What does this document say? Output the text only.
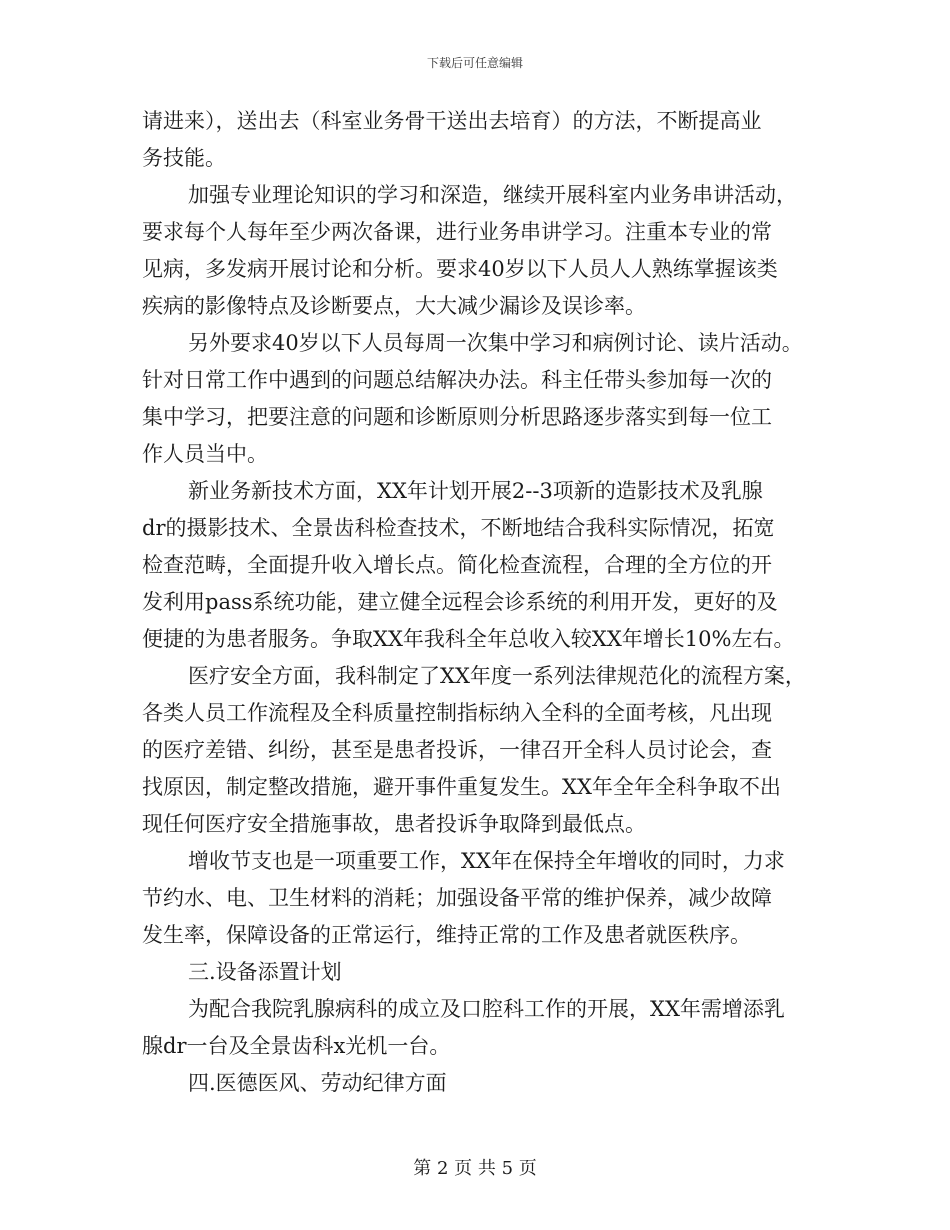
下载后可任意编辑
请进来），送出去（科室业务骨干送出去培育）的方法，不断提高业
务技能。
加强专业理论知识的学习和深造，继续开展科室内业务串讲活动，
要求每个人每年至少两次备课，进行业务串讲学习。注重本专业的常
见病，多发病开展讨论和分析。要求40岁以下人员人人熟练掌握该类
疾病的影像特点及诊断要点，大大减少漏诊及误诊率。
另外要求40岁以下人员每周一次集中学习和病例讨论、读片活动。
针对日常工作中遇到的问题总结解决办法。科主任带头参加每一次的
集中学习，把要注意的问题和诊断原则分析思路逐步落实到每一位工
作人员当中。
新业务新技术方面，XX年计划开展2--3项新的造影技术及乳腺
dr的摄影技术、全景齿科检查技术，不断地结合我科实际情况，拓宽
检查范畴，全面提升收入增长点。简化检查流程，合理的全方位的开
发利用pass系统功能，建立健全远程会诊系统的利用开发，更好的及
便捷的为患者服务。争取XX年我科全年总收入较XX年增长10%左右。
医疗安全方面，我科制定了XX年度一系列法律规范化的流程方案，
各类人员工作流程及全科质量控制指标纳入全科的全面考核，凡出现
的医疗差错、纠纷，甚至是患者投诉，一律召开全科人员讨论会，查
找原因，制定整改措施，避开事件重复发生。XX年全年全科争取不出
现任何医疗安全措施事故，患者投诉争取降到最低点。
增收节支也是一项重要工作，XX年在保持全年增收的同时，力求
节约水、电、卫生材料的消耗；加强设备平常的维护保养，减少故障
发生率，保障设备的正常运行，维持正常的工作及患者就医秩序。
三.设备添置计划
为配合我院乳腺病科的成立及口腔科工作的开展，XX年需增添乳
腺dr一台及全景齿科x光机一台。
四.医德医风、劳动纪律方面
第 2 页 共 5 页
